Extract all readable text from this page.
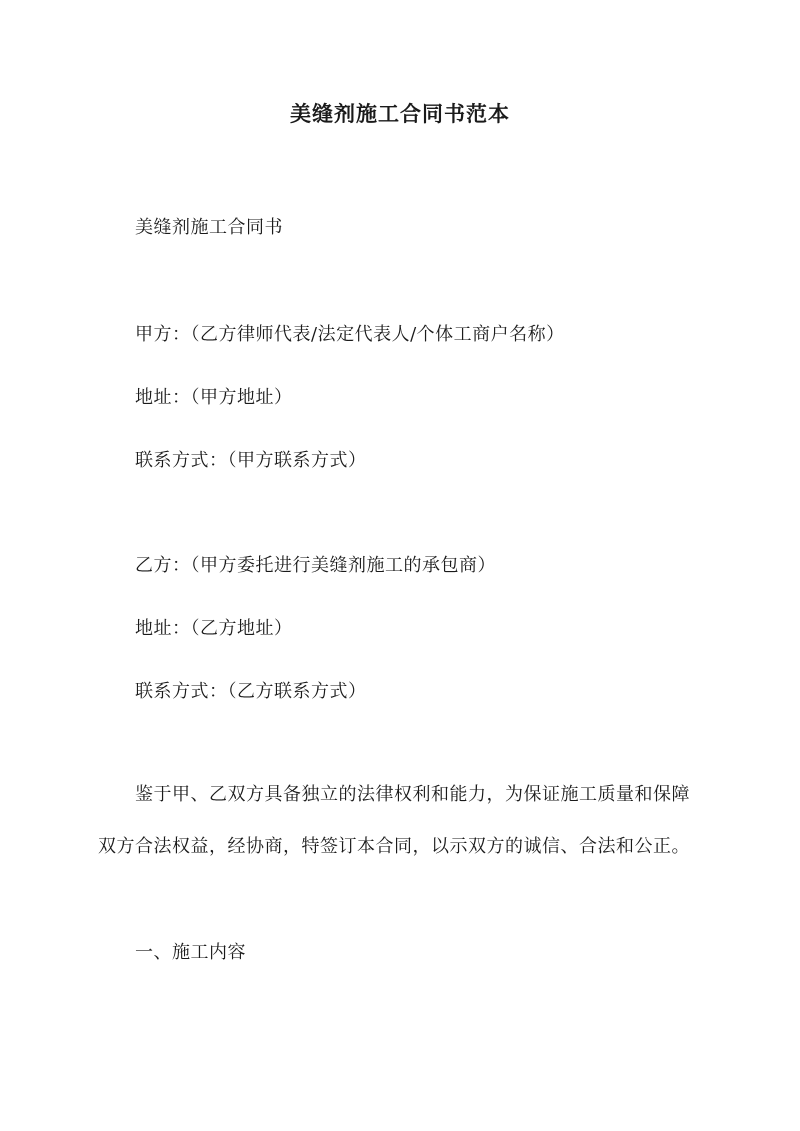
美缝剂施工合同书范本
美缝剂施工合同书
甲方：（乙方律师代表/法定代表人/个体工商户名称）
地址：（甲方地址）
联系方式：（甲方联系方式）
乙方：（甲方委托进行美缝剂施工的承包商）
地址：（乙方地址）
联系方式：（乙方联系方式）
鉴于甲、乙双方具备独立的法律权利和能力，为保证施工质量和保障
双方合法权益，经协商，特签订本合同，以示双方的诚信、合法和公正。
一、施工内容
